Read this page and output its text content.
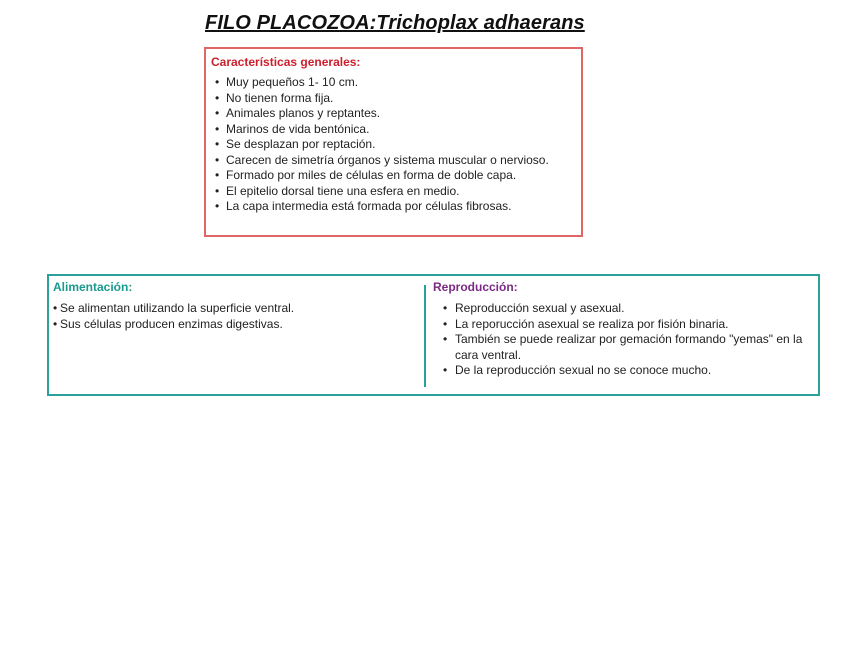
FILO PLACOZOA:Trichoplax adhaerans
Características generales:
• Muy pequeños 1- 10 cm.
• No tienen forma fija.
• Animales planos y reptantes.
• Marinos de vida bentónica.
• Se desplazan por reptación.
• Carecen de simetría órganos y sistema muscular o nervioso.
• Formado por miles de células en forma de doble capa.
• El epitelio dorsal tiene una esfera en medio.
• La capa intermedia está formada por células fibrosas.
Alimentación:
• Se alimentan utilizando la superficie ventral.
• Sus células producen enzimas digestivas.
Reproducción:
• Reproducción sexual y asexual.
• La reporucción asexual se realiza por fisión binaria.
• También se puede realizar por gemación formando "yemas" en la cara ventral.
• De la reproducción sexual no se conoce mucho.
